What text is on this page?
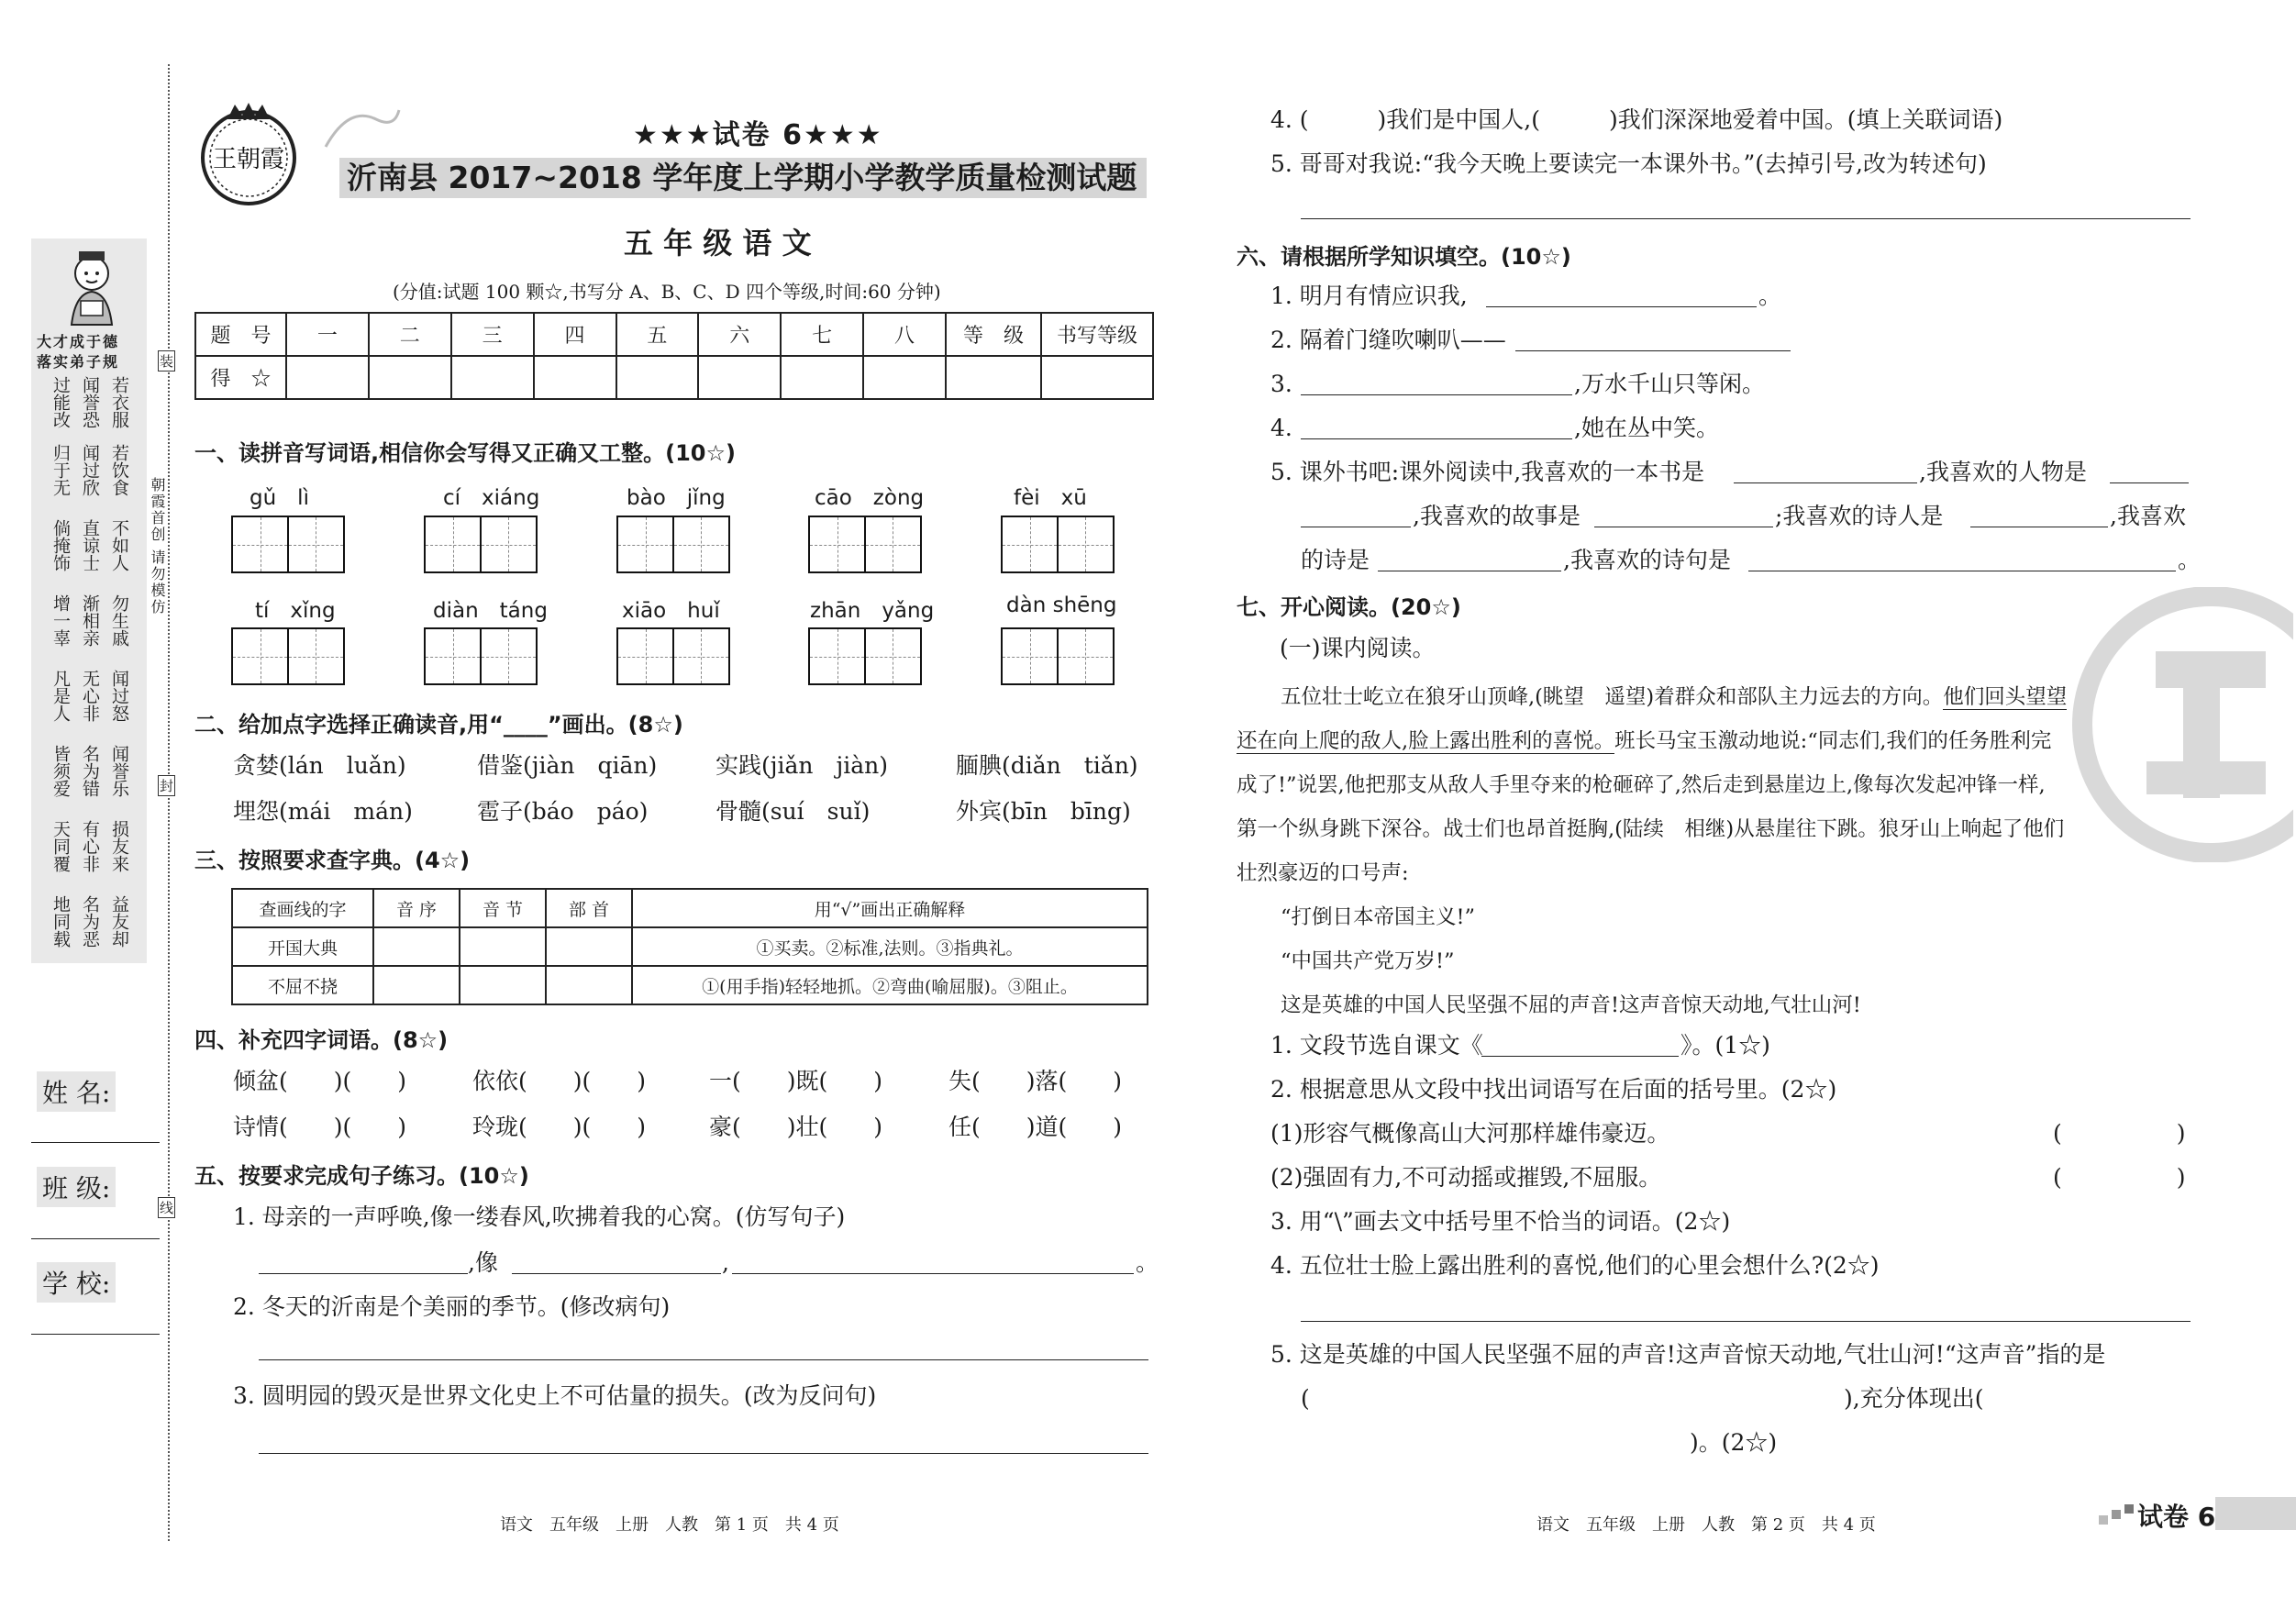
大才成于德
落实弟子规
过能改 闻誉恐 若衣服
归于无 闻过欣 若饮食
倘掩饰 直谅士 不如人
增一辜 渐相亲 勿生戚
凡是人 无心非 闻过怒
皆须爱 名为错 闻誉乐
天同覆 有心非 损友来
地同载 名为恶 益友却
朝霞首创 请勿模仿
装
封
线
姓 名:
班 级:
学 校:
王朝霞
★★★试卷 6★★★
沂南县 2017~2018 学年度上学期小学教学质量检测试题
五 年 级 语 文
(分值:试题 100 颗☆,书写分 A、B、C、D 四个等级,时间:60 分钟)
题　号	一	二	三	四	五	六	七	八	等　级	书写等级
得　☆										
一、读拼音写词语,相信你会写得又正确又工整。(10☆)
gǔ　lì	cí　xiáng	bào　jǐng	cāo　zòng	fèi　xū
tí　xǐng	diàn　táng	xiāo　huǐ	zhān　yǎng	dàn shēng
二、给加点字选择正确读音,用“____”画出。(8☆)
贪婪(lán　luǎn)	借鉴(jiàn　qiān)	实践(jiǎn　jiàn)	腼腆(diǎn　tiǎn)
埋怨(mái　mán)	雹子(báo　páo)	骨髓(suí　suǐ)	外宾(bīn　bīng)
三、按照要求查字典。(4☆)
查画线的字	音 序	音 节	部 首	用“√”画出正确解释
开国大典				①买卖。②标准,法则。③指典礼。
不屈不挠				①(用手指)轻轻地抓。②弯曲(喻屈服)。③阻止。
四、补充四字词语。(8☆)
倾盆(　　)(　　)	依依(　　)(　　)	一(　　)既(　　)	失(　　)落(　　)
诗情(　　)(　　)	玲珑(　　)(　　)	豪(　　)壮(　　)	任(　　)道(　　)
五、按要求完成句子练习。(10☆)
1. 母亲的一声呼唤,像一缕春风,吹拂着我的心窝。(仿写句子)
,像	,	。
2. 冬天的沂南是个美丽的季节。(修改病句)
3. 圆明园的毁灭是世界文化史上不可估量的损失。(改为反问句)
语文　五年级　上册　人教　第 1 页　共 4 页
4. (　　　)我们是中国人,(　　　)我们深深地爱着中国。(填上关联词语)
5. 哥哥对我说:“我今天晚上要读完一本课外书。”(去掉引号,改为转述句)
六、请根据所学知识填空。(10☆)
1. 明月有情应识我,	。
2. 隔着门缝吹喇叭——
3.	,万水千山只等闲。
4.	,她在丛中笑。
5. 课外书吧:课外阅读中,我喜欢的一本书是	,我喜欢的人物是
,我喜欢的故事是	;我喜欢的诗人是	,我喜欢
的诗是	,我喜欢的诗句是	。
七、开心阅读。(20☆)
(一)课内阅读。
五位壮士屹立在狼牙山顶峰,(眺望　遥望)着群众和部队主力远去的方向。他们回头望望
还在向上爬的敌人,脸上露出胜利的喜悦。班长马宝玉激动地说:“同志们,我们的任务胜利完
成了!”说罢,他把那支从敌人手里夺来的枪砸碎了,然后走到悬崖边上,像每次发起冲锋一样,
第一个纵身跳下深谷。战士们也昂首挺胸,(陆续　相继)从悬崖往下跳。狼牙山上响起了他们
壮烈豪迈的口号声:
“打倒日本帝国主义!”
“中国共产党万岁!”
这是英雄的中国人民坚强不屈的声音!这声音惊天动地,气壮山河!
1. 文段节选自课文《	》。(1☆)
2. 根据意思从文段中找出词语写在后面的括号里。(2☆)
(1)形容气概像高山大河那样雄伟豪迈。	(　　　　　)
(2)强固有力,不可动摇或摧毁,不屈服。	(　　　　　)
3. 用“\”画去文中括号里不恰当的词语。(2☆)
4. 五位壮士脸上露出胜利的喜悦,他们的心里会想什么?(2☆)
5. 这是英雄的中国人民坚强不屈的声音!这声音惊天动地,气壮山河!“这声音”指的是
(	),充分体现出(
)。(2☆)
语文　五年级　上册　人教　第 2 页　共 4 页	试卷 6
